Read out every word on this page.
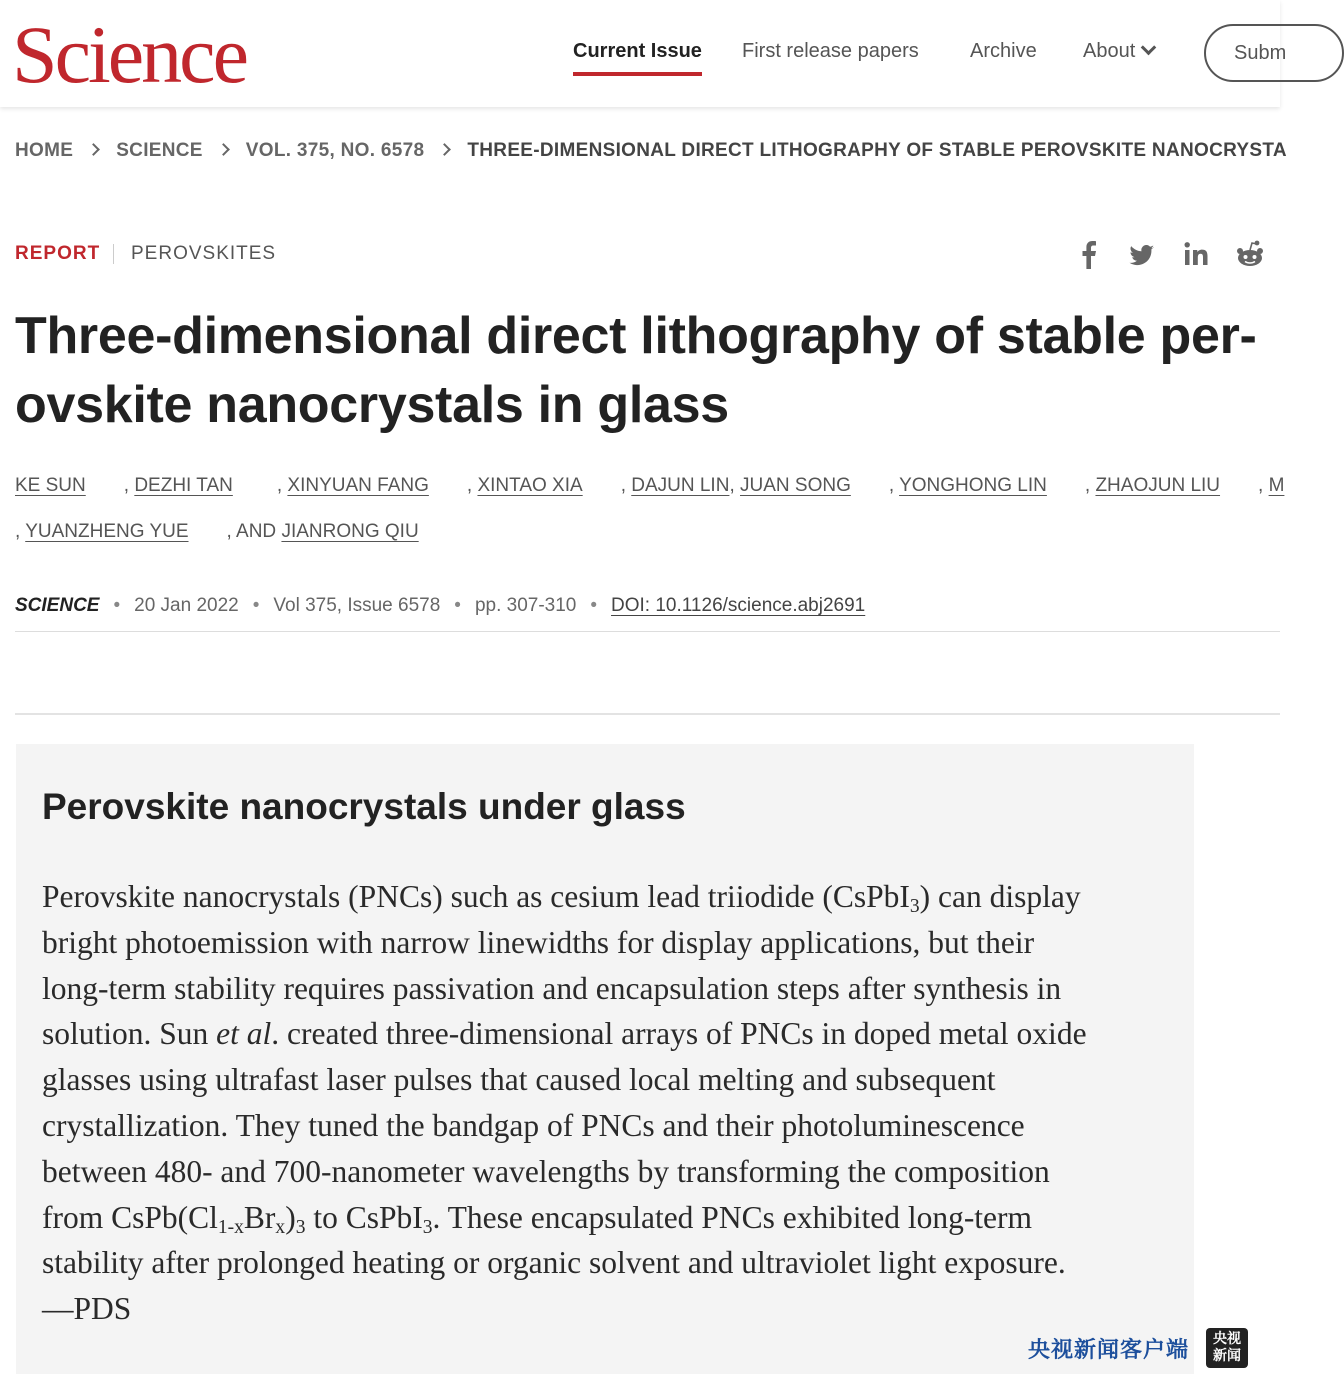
Science	Current Issue First release papers	Archive About	Subm
HOME SCIENCE VOL. 375, NO. 6578 THREE-DIMENSIONAL DIRECT LITHOGRAPHY OF STABLE PEROVSKITE NANOCRYSTA
REPORT PEROVSKITES
Three-dimensional direct lithography of stable per-
ovskite nanocrystals in glass
KE SUN , DEZHI TAN , XINYUAN FANG , XINTAO XIA , DAJUN LIN, JUAN SONG , YONGHONG LIN , ZHAOJUN LIU , M
, YUANZHENG YUE , AND JIANRONG QIU
SCIENCE • 20 Jan 2022 • Vol 375, Issue 6578 • pp. 307-310 • DOI: 10.1126/science.abj2691
Perovskite nanocrystals under glass
Perovskite nanocrystals (PNCs) such as cesium lead triiodide (CsPbI$_3$) can display
bright photoemission with narrow linewidths for display applications, but their
long-term stability requires passivation and encapsulation steps after synthesis in
solution. Sun et al. created three-dimensional arrays of PNCs in doped metal oxide
glasses using ultrafast laser pulses that caused local melting and subsequent
crystallization. They tuned the bandgap of PNCs and their photoluminescence
between 480- and 700-nanometer wavelengths by transforming the composition
from $CsPb(Cl_{1-x}Br_x)_3$ to CsPbI$_3$. These encapsulated PNCs exhibited long-term
stability after prolonged heating or organic solvent and ultraviolet light exposure.
—PDS
央视新闻客户端	央视
新闻
